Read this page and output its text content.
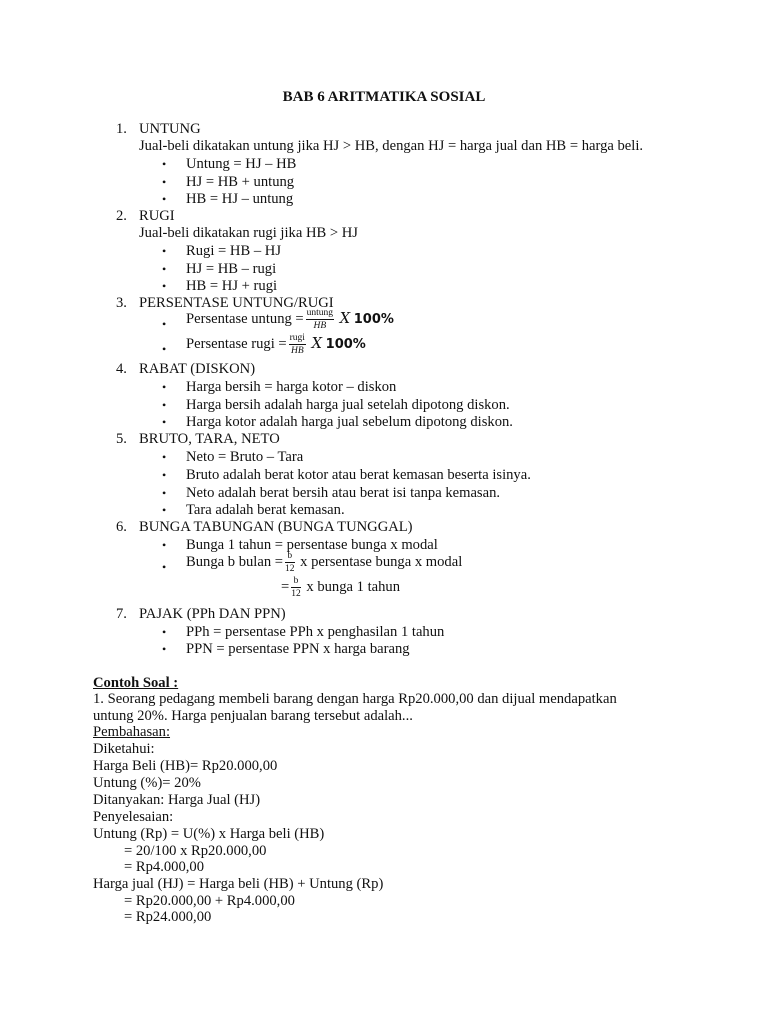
BAB 6 ARITMATIKA SOSIAL
1. UNTUNG
Jual-beli dikatakan untung jika HJ > HB, dengan HJ = harga jual dan HB = harga beli.
• Untung = HJ – HB
• HJ = HB + untung
• HB = HJ – untung
2. RUGI
Jual-beli dikatakan rugi jika HB > HJ
• Rugi = HB – HJ
• HJ = HB – rugi
• HB = HJ + rugi
3. PERSENTASE UNTUNG/RUGI
• Persentase untung = $\frac{\text{untung}}{HB}$ X 100%
• Persentase rugi = $\frac{\text{rugi}}{HB}$ X 100%
4. RABAT (DISKON)
• Harga bersih = harga kotor – diskon
• Harga bersih adalah harga jual setelah dipotong diskon.
• Harga kotor adalah harga jual sebelum dipotong diskon.
5. BRUTO, TARA, NETO
• Neto = Bruto – Tara
• Bruto adalah berat kotor atau berat kemasan beserta isinya.
• Neto adalah berat bersih atau berat isi tanpa kemasan.
• Tara adalah berat kemasan.
6. BUNGA TABUNGAN (BUNGA TUNGGAL)
• Bunga 1 tahun = persentase bunga x modal
• Bunga b bulan = $\frac{b}{12}$ x persentase bunga x modal
= $\frac{b}{12}$ x bunga 1 tahun
7. PAJAK (PPh DAN PPN)
• PPh = persentase PPh x penghasilan 1 tahun
• PPN = persentase PPN x harga barang
Contoh Soal :
1. Seorang pedagang membeli barang dengan harga Rp20.000,00 dan dijual mendapatkan
untung 20%. Harga penjualan barang tersebut adalah...
Pembahasan:
Diketahui:
Harga Beli (HB)= Rp20.000,00
Untung (%)= 20%
Ditanyakan: Harga Jual (HJ)
Penyelesaian:
Untung (Rp) = U(%) x Harga beli (HB)
= 20/100 x Rp20.000,00
= Rp4.000,00
Harga jual (HJ) = Harga beli (HB) + Untung (Rp)
= Rp20.000,00 + Rp4.000,00
= Rp24.000,00
